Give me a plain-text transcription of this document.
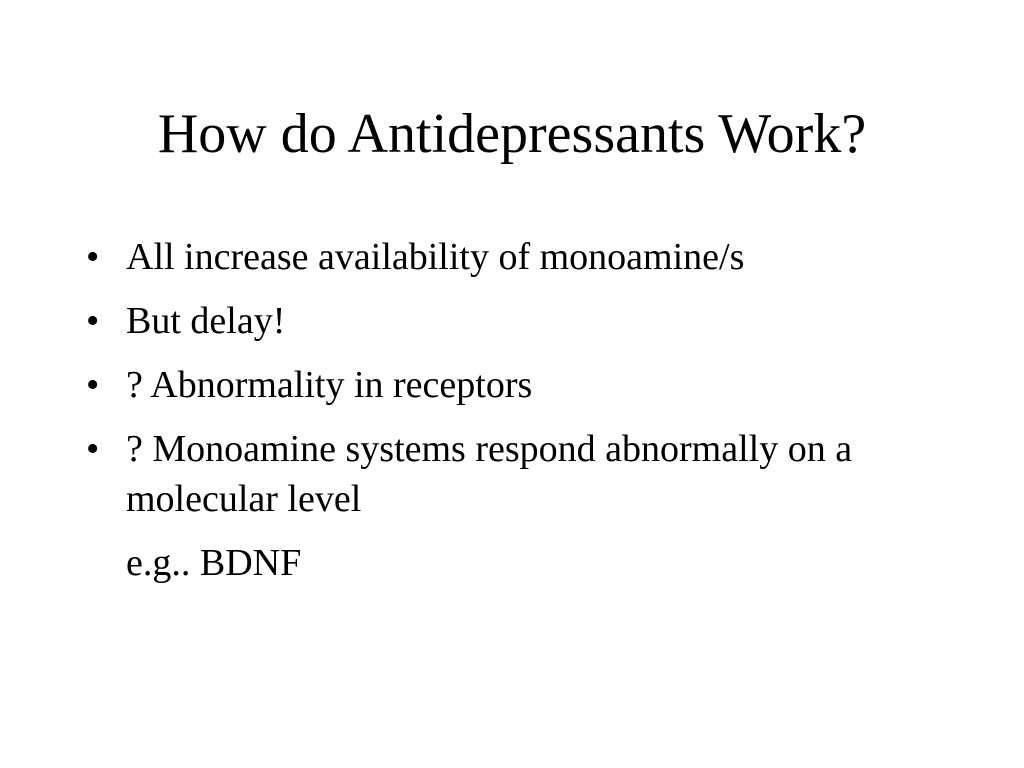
How do Antidepressants Work?
• All increase availability of monoamine/s
• But delay!
• ? Abnormality in receptors
• ? Monoamine systems respond abnormally on a molecular level
e.g.. BDNF
